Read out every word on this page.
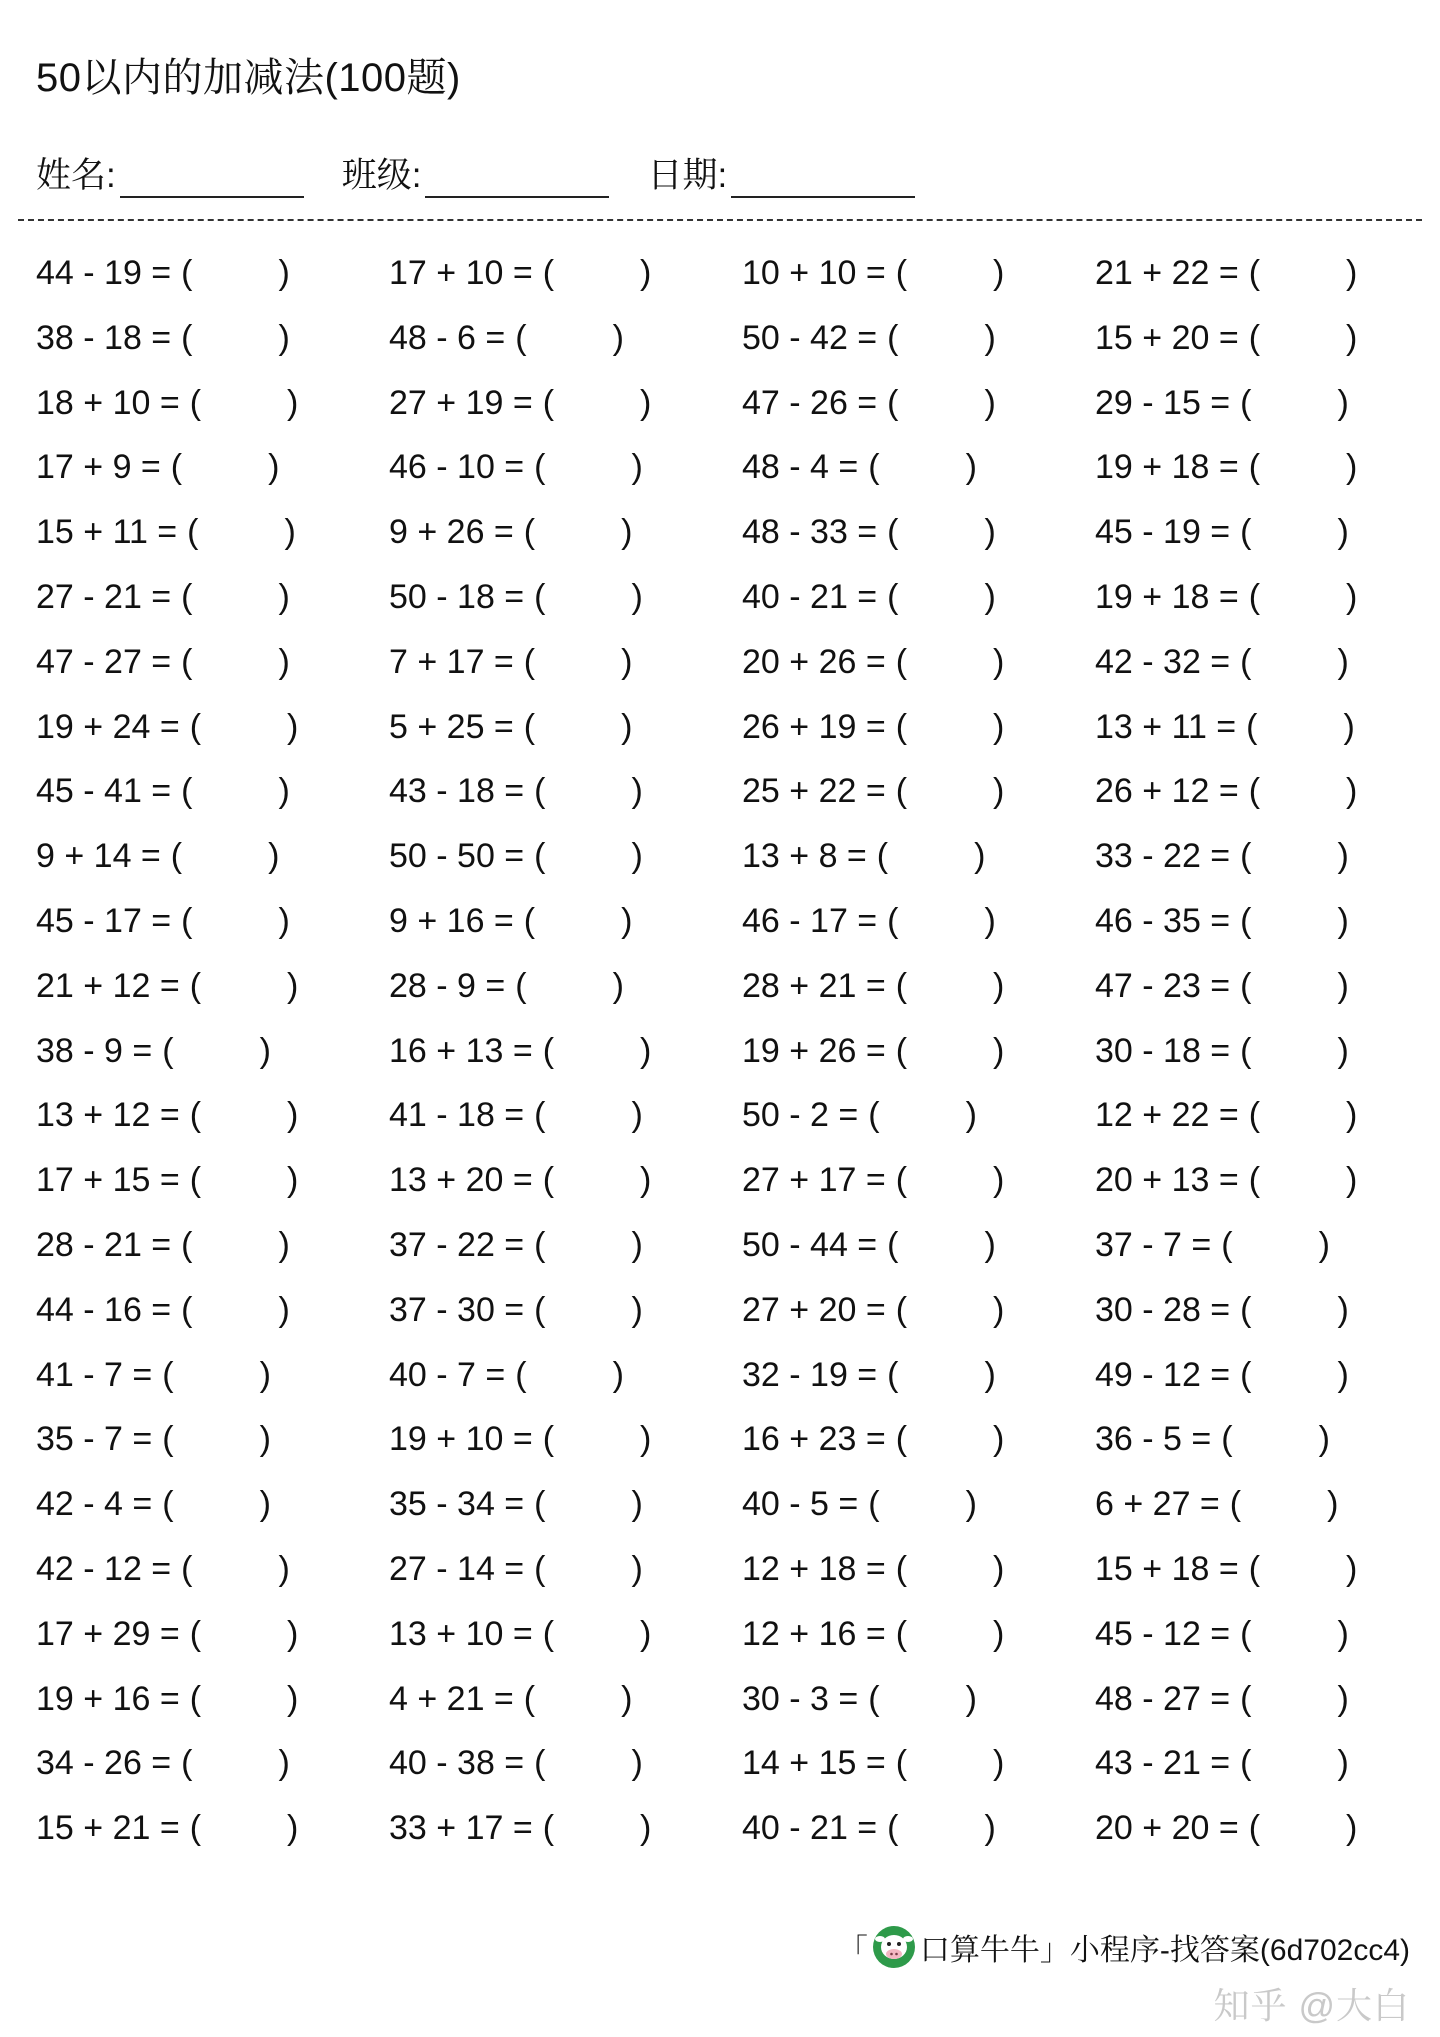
50以内的加减法(100题)
姓名:	班级:	日期:
44 - 19 = (	)	17 + 10 = (	)	10 + 10 = (	)	21 + 22 = (	)
38 - 18 = (	)	48 - 6 = (	)	50 - 42 = (	)	15 + 20 = (	)
18 + 10 = (	)	27 + 19 = (	)	47 - 26 = (	)	29 - 15 = (	)
17 + 9 = (	)	46 - 10 = (	)	48 - 4 = (	)	19 + 18 = (	)
15 + 11 = (	)	9 + 26 = (	)	48 - 33 = (	)	45 - 19 = (	)
27 - 21 = (	)	50 - 18 = (	)	40 - 21 = (	)	19 + 18 = (	)
47 - 27 = (	)	7 + 17 = (	)	20 + 26 = (	)	42 - 32 = (	)
19 + 24 = (	)	5 + 25 = (	)	26 + 19 = (	)	13 + 11 = (	)
45 - 41 = (	)	43 - 18 = (	)	25 + 22 = (	)	26 + 12 = (	)
9 + 14 = (	)	50 - 50 = (	)	13 + 8 = (	)	33 - 22 = (	)
45 - 17 = (	)	9 + 16 = (	)	46 - 17 = (	)	46 - 35 = (	)
21 + 12 = (	)	28 - 9 = (	)	28 + 21 = (	)	47 - 23 = (	)
38 - 9 = (	)	16 + 13 = (	)	19 + 26 = (	)	30 - 18 = (	)
13 + 12 = (	)	41 - 18 = (	)	50 - 2 = (	)	12 + 22 = (	)
17 + 15 = (	)	13 + 20 = (	)	27 + 17 = (	)	20 + 13 = (	)
28 - 21 = (	)	37 - 22 = (	)	50 - 44 = (	)	37 - 7 = (	)
44 - 16 = (	)	37 - 30 = (	)	27 + 20 = (	)	30 - 28 = (	)
41 - 7 = (	)	40 - 7 = (	)	32 - 19 = (	)	49 - 12 = (	)
35 - 7 = (	)	19 + 10 = (	)	16 + 23 = (	)	36 - 5 = (	)
42 - 4 = (	)	35 - 34 = (	)	40 - 5 = (	)	6 + 27 = (	)
42 - 12 = (	)	27 - 14 = (	)	12 + 18 = (	)	15 + 18 = (	)
17 + 29 = (	)	13 + 10 = (	)	12 + 16 = (	)	45 - 12 = (	)
19 + 16 = (	)	4 + 21 = (	)	30 - 3 = (	)	48 - 27 = (	)
34 - 26 = (	)	40 - 38 = (	)	14 + 15 = (	)	43 - 21 = (	)
15 + 21 = (	)	33 + 17 = (	)	40 - 21 = (	)	20 + 20 = (	)
「 口算牛牛」小程序-找答案(6d702cc4)
知乎 @大白
